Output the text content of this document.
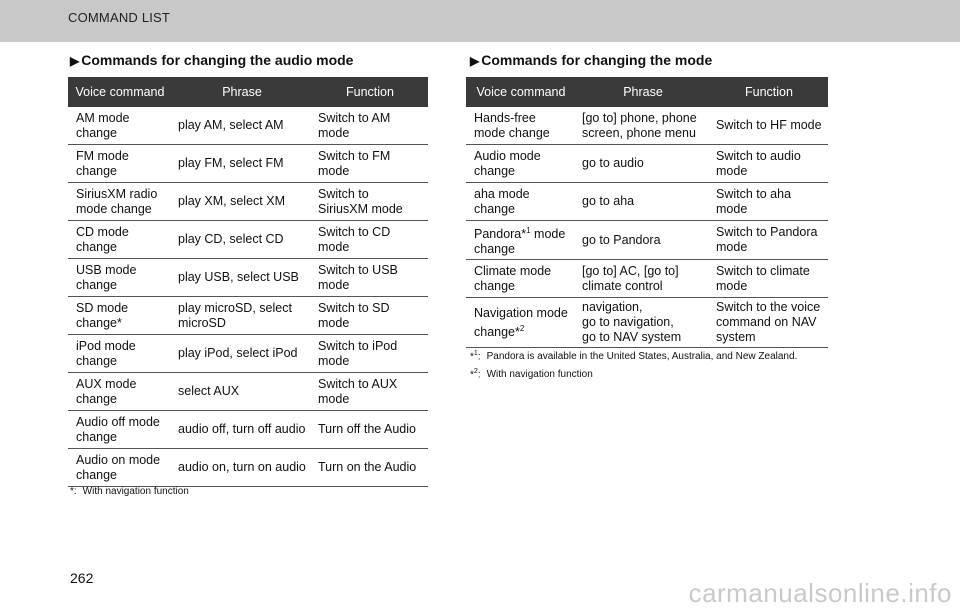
COMMAND LIST
▶ Commands for changing the audio mode
Voice command	Phrase	Function
AM mode change	play AM, select AM	Switch to AM mode
FM mode change	play FM, select FM	Switch to FM mode
SiriusXM radio mode change	play XM, select XM	Switch to SiriusXM mode
CD mode change	play CD, select CD	Switch to CD mode
USB mode change	play USB, select USB	Switch to USB mode
SD mode change*	play microSD, select microSD	Switch to SD mode
iPod mode change	play iPod, select iPod	Switch to iPod mode
AUX mode change	select AUX	Switch to AUX mode
Audio off mode change	audio off, turn off audio	Turn off the Audio
Audio on mode change	audio on, turn on audio	Turn on the Audio
*: With navigation function
▶ Commands for changing the mode
Voice command	Phrase	Function
Hands-free mode change	[go to] phone, phone screen, phone menu	Switch to HF mode
Audio mode change	go to audio	Switch to audio mode
aha mode change	go to aha	Switch to aha mode
Pandora*$^1$ mode change	go to Pandora	Switch to Pandora mode
Climate mode change	[go to] AC, [go to] climate control	Switch to climate mode
Navigation mode change*$^2$	navigation,
go to navigation,
go to NAV system	Switch to the voice command on NAV system
*$^1$: Pandora is available in the United States, Australia, and New Zealand.
*$^2$: With navigation function
262	carmanualsonline.info
